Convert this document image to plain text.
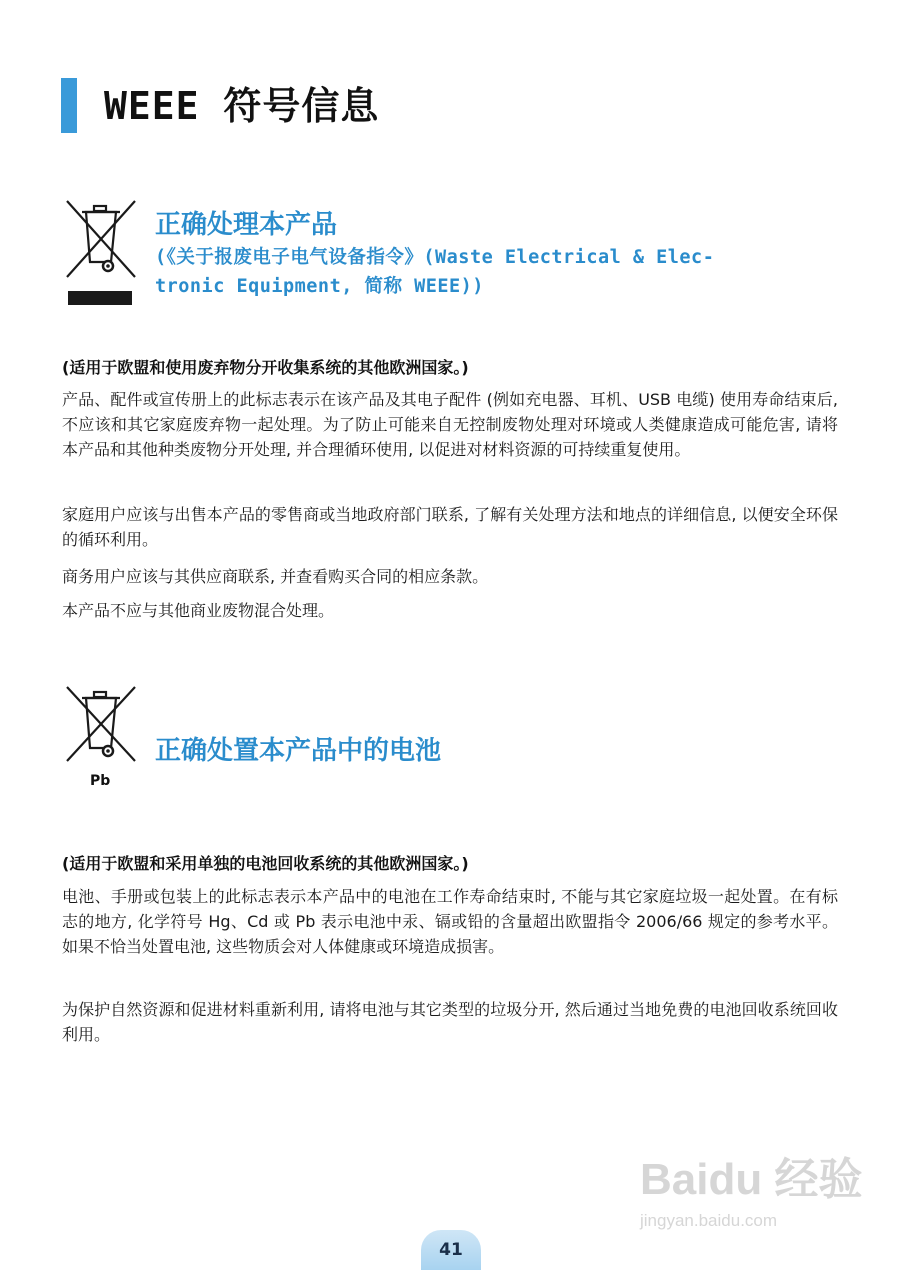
WEEE 符号信息
正确处理本产品

(《关于报废电子电气设备指令》(Waste Electrical & Elec-

tronic Equipment, 简称 WEEE))

(适用于欧盟和使用废弃物分开收集系统的其他欧洲国家。)

产品、配件或宣传册上的此标志表示在该产品及其电子配件 (例如充电器、耳机、USB 电缆) 使用寿命结束后, 不应该和其它家庭废弃物一起处理。为了防止可能来自无控制废物处理对环境或人类健康造成可能危害, 请将本产品和其他种类废物分开处理, 并合理循环使用, 以促进对材料资源的可持续重复使用。

家庭用户应该与出售本产品的零售商或当地政府部门联系, 了解有关处理方法和地点的详细信息, 以便安全环保的循环利用。

商务用户应该与其供应商联系, 并查看购买合同的相应条款。

本产品不应与其他商业废物混合处理。

Pb
正确处置本产品中的电池

(适用于欧盟和采用单独的电池回收系统的其他欧洲国家。)

电池、手册或包装上的此标志表示本产品中的电池在工作寿命结束时, 不能与其它家庭垃圾一起处置。在有标志的地方, 化学符号 Hg、Cd 或 Pb 表示电池中汞、镉或铅的含量超出欧盟指令 2006/66 规定的参考水平。如果不恰当处置电池, 这些物质会对人体健康或环境造成损害。

为保护自然资源和促进材料重新利用, 请将电池与其它类型的垃圾分开, 然后通过当地免费的电池回收系统回收利用。

Baidu 经验
jingyan.baidu.com
41
